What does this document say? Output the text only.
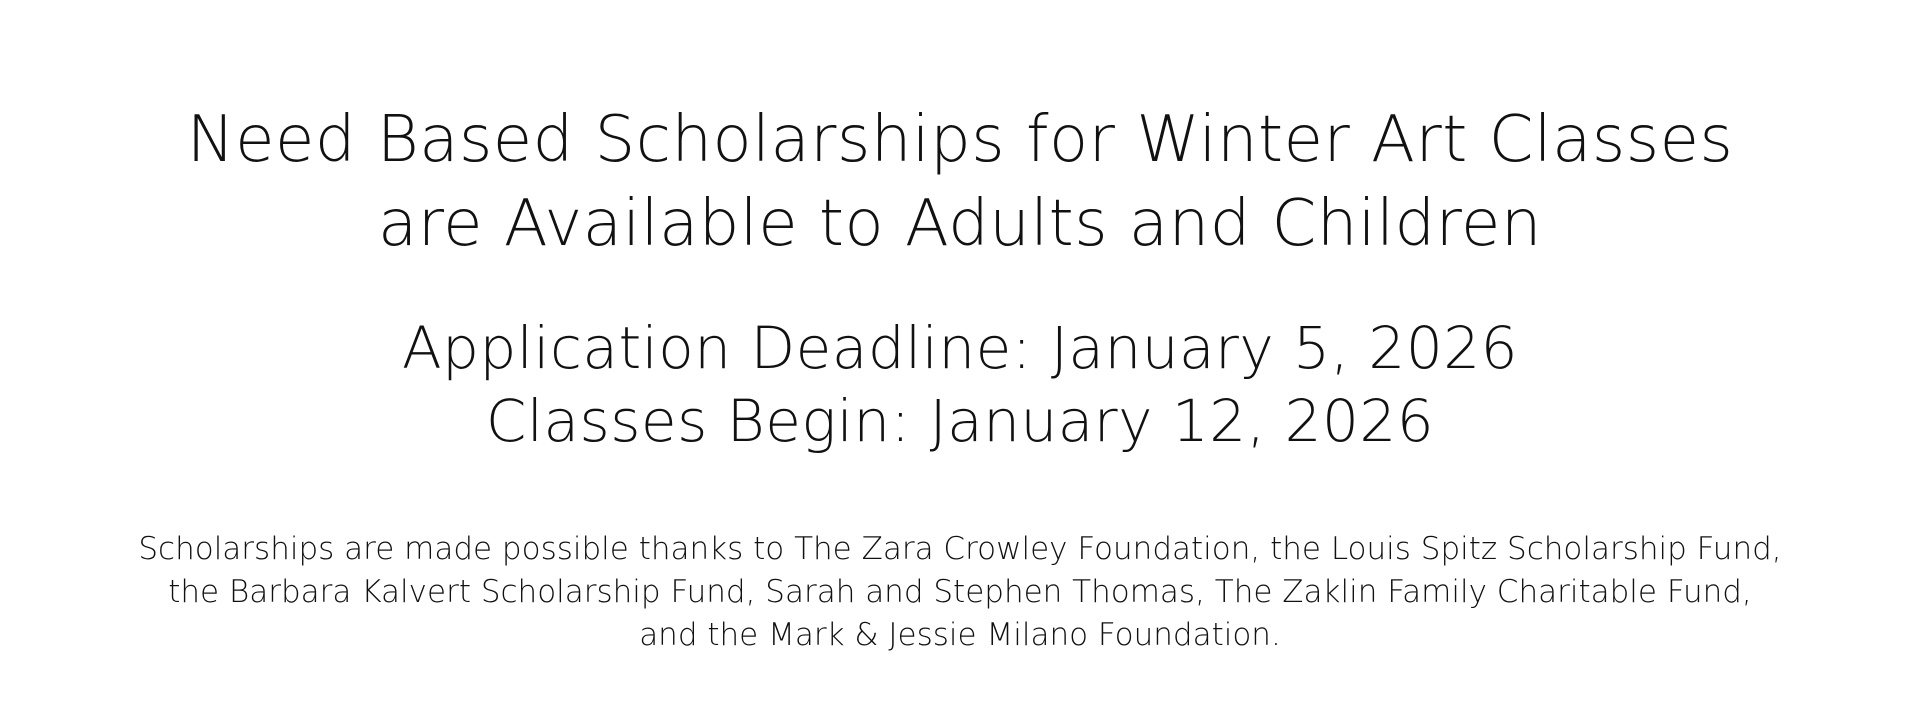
Need Based Scholarships for Winter Art Classes
are Available to Adults and Children
Application Deadline: January 5, 2026
Classes Begin: January 12, 2026
Scholarships are made possible thanks to The Zara Crowley Foundation, the Louis Spitz Scholarship Fund,
the Barbara Kalvert Scholarship Fund, Sarah and Stephen Thomas, The Zaklin Family Charitable Fund,
and the Mark & Jessie Milano Foundation.
